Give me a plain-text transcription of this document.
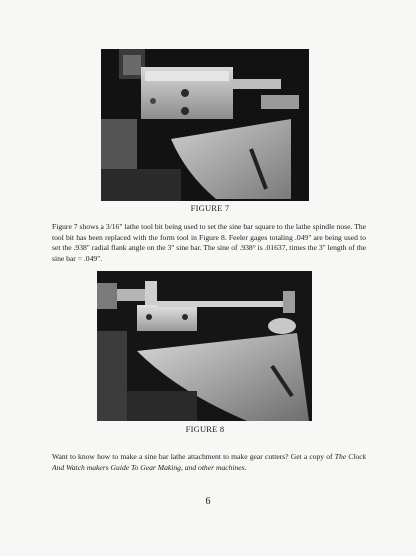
FIGURE 7

Figure 7 shows a 3/16" lathe tool bit being used to set the sine bar square to the lathe spindle nose. The tool bit has been replaced with the form tool in Figure 8. Feeler gages totaling .049" are being used to set the .938" radial flank angle on the 3" sine bar. The sine of .938° is .01637, times the 3" length of the sine bar = .049".

FIGURE 8

Want to know how to make a sine bar lathe attachment to make gear cutters? Get a copy of The Clock And Watch makers Guide To Gear Making, and other machines.

6
